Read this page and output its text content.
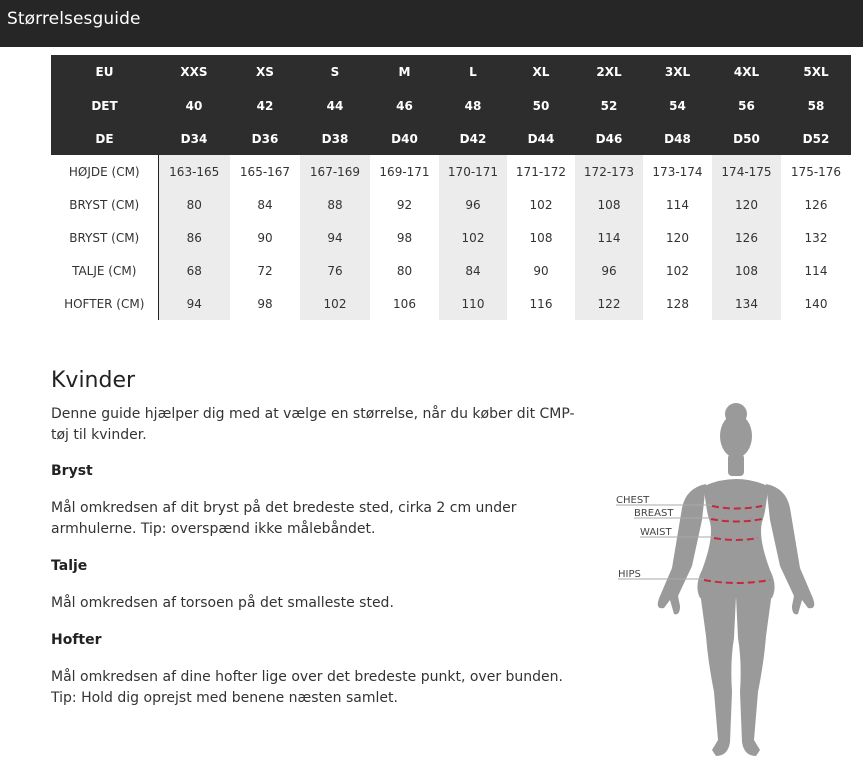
Størrelsesguide
EU	XXS	XS	S	M	L	XL	2XL	3XL	4XL	5XL
DET	40	42	44	46	48	50	52	54	56	58
DE	D34	D36	D38	D40	D42	D44	D46	D48	D50	D52
HØJDE (CM)	163-165	165-167	167-169	169-171	170-171	171-172	172-173	173-174	174-175	175-176
BRYST (CM)	80	84	88	92	96	102	108	114	120	126
BRYST (CM)	86	90	94	98	102	108	114	120	126	132
TALJE (CM)	68	72	76	80	84	90	96	102	108	114
HOFTER (CM)	94	98	102	106	110	116	122	128	134	140
Kvinder
Denne guide hjælper dig med at vælge en størrelse, når du køber dit CMP-tøj til kvinder.
Bryst
Mål omkredsen af dit bryst på det bredeste sted, cirka 2 cm under armhulerne. Tip: overspænd ikke målebåndet.
Talje
Mål omkredsen af torsoen på det smalleste sted.
Hofter
Mål omkredsen af dine hofter lige over det bredeste punkt, over bunden. Tip: Hold dig oprejst med benene næsten samlet.
CHEST
BREAST
WAIST
HIPS
